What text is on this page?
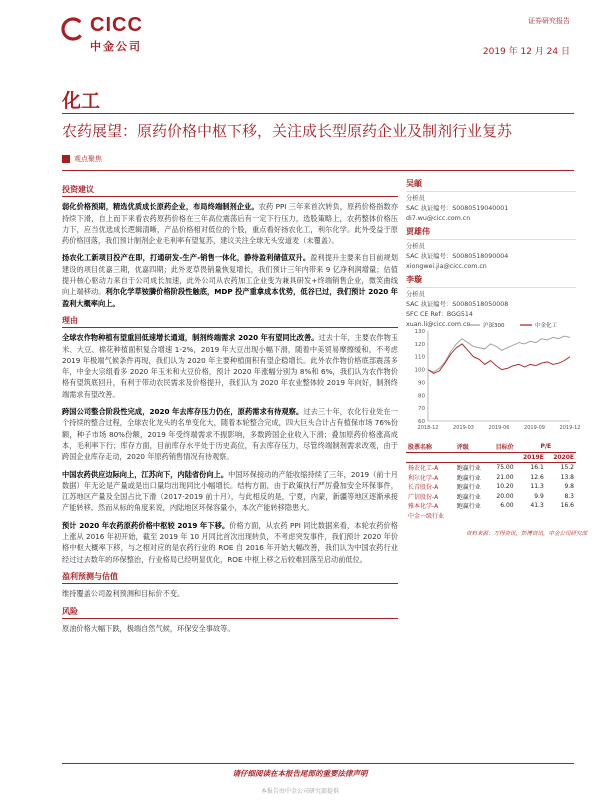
CICC
中金公司
证券研究报告
2019 年 12 月 24 日
化工
农药展望：原药价格中枢下移，关注成长型原药企业及制剂行业复苏
观点聚焦
投资建议

弱化价格预期，精选优质成长原药企业，布局终端制剂企业。农药 PPI 三年来首次转负，原药价格指数亦持续下滑，自上而下来看农药原药价格在三年高位震荡后有一定下行压力，选股策略上，农药整体价格压力下，应当优选成长逻辑清晰，产品价格相对低位的个股，重点看好扬农化工，利尔化学。此外受益于原药价格回落，我们预计制剂企业毛利率有望复苏，建议关注全球无头安道麦（未覆盖）。

扬农化工新项目投产在即，打通研发-生产-销售一体化，静待盈利储值双升。盈利提升主要来自目前规划建设的项目优嘉三期，优嘉四期；此外麦草畏销量恢复增长，我们预计三年内带来 9 亿净利润增量；估值提升核心驱动力来自于公司成长加速，此外公司从农药加工企业变为兼具研发+终端销售企业，微笑曲线向上端移动。利尔化学草铵膦价格阶段性触底，MDP 投产重拿成本优势，低谷已过，我们预计 2020 年盈利大概率向上。

理由

全球农作物种植有望重回低速增长通道，制剂终端需求 2020 年有望同比改善。过去十年，主要农作物玉米、大豆、棉花种植面积复合增速 1-2%，2019 年大豆出现小幅下滑，随着中美贸易摩擦缓和，不考虑 2019 年极端气候条件再现，我们认为 2020 年主要种植面积有望企稳增长。此外农作物价格底部震荡多年，中金大宗组看多 2020 年玉米和大豆价格，预计 2020 年涨幅分别为 8%和 6%，我们认为农作物价格有望筑底回升，有利于带动农民需求及价格提升，我们认为 2020 年农业整体较 2019 年向好，制剂终端需求有望改善。

跨国公司整合阶段性完成，2020 年去库存压力仍在，原药需求有待观察。过去三十年，农化行业处在一个持续的整合过程，全球农化龙头的名单变化大，随着本轮整合完成，四大巨头合计占有植保市场 76%份额，种子市场 80%份额，2019 年受终端需求不振影响，多数跨国企业收入下滑；叠加原药价格涨高成本，毛利率下行；库存方面，目前库存水平处于历史高位，有去库存压力，尽管终端制剂需求改观，由于跨国企业库存走动，2020 年原药销售情况有待观察。

中国农药供应边际向上，江苏向下，内陆省份向上。中国环保接动的产能收缩持续了三年，2019（前十月数据）年无论是产量或是出口量均出现同比小幅增长。结构方面，由于政策执行严厉叠加安全环保事件，江苏地区产量及全国占比下滑（2017-2019 前十月），与此相反的是，宁夏，内蒙，新疆等地区逐渐承接产能转移。然而从标的角度来说，内陆地区环保容量小，本次产能转移隐患大。

预计 2020 年农药原药价格中枢较 2019 年下移。价格方面，从农药 PPI 同比数据来看，本轮农药价格上涨从 2016 年初开始，截至 2019 年 10 月同比首次出现转负，不考虑突发事件，我们预计 2020 年价格中枢大概率下移，与之相对应的是农药行业的 ROE 自 2016 年开始大幅改善，我们认为中国农药行业经过过去数年的环保整治，行业格局已经明显优化，ROE 中枢上移之后较难回落至启动前低位。

盈利预测与估值

维持覆盖公司盈利预测和目标价不变。

风险

原油价格大幅下跌，极端自然气候，环保安全事故等。

吴頔
分析员
SAC 执证编号：S0080519040001
di7.wu@cicc.com.cn
贾雄伟
分析员
SAC 执证编号：S0080518090004
xiongwei.jia@cicc.com.cn
李璇
分析员
SAC 执证编号：S0080518050008
SFC CE Ref：BGG514
xuan.li@cicc.com.cn
60
70
80
90
100
110
120
130
2018-12	2019-03	2019-06	2019-09	2019-12
沪深300	中金化工
股票名称	评级	目标价	P/E	
			2019E	2020E
扬农化工-A	跑赢行业	75.00	16.1	15.2
利尔化学-A	跑赢行业	21.00	12.6	13.8
长青股份-A	跑赢行业	10.20	11.3	9.8
广信股份-A	跑赢行业	20.00	9.9	8.3
雅本化学-A	跑赢行业	6.00	41.3	16.6
中金一级行业				
资料来源：万得资讯，彭博资讯，中金公司研究部
请仔细阅读在本报告尾部的重要法律声明
本报告由中金公司研究部提供
